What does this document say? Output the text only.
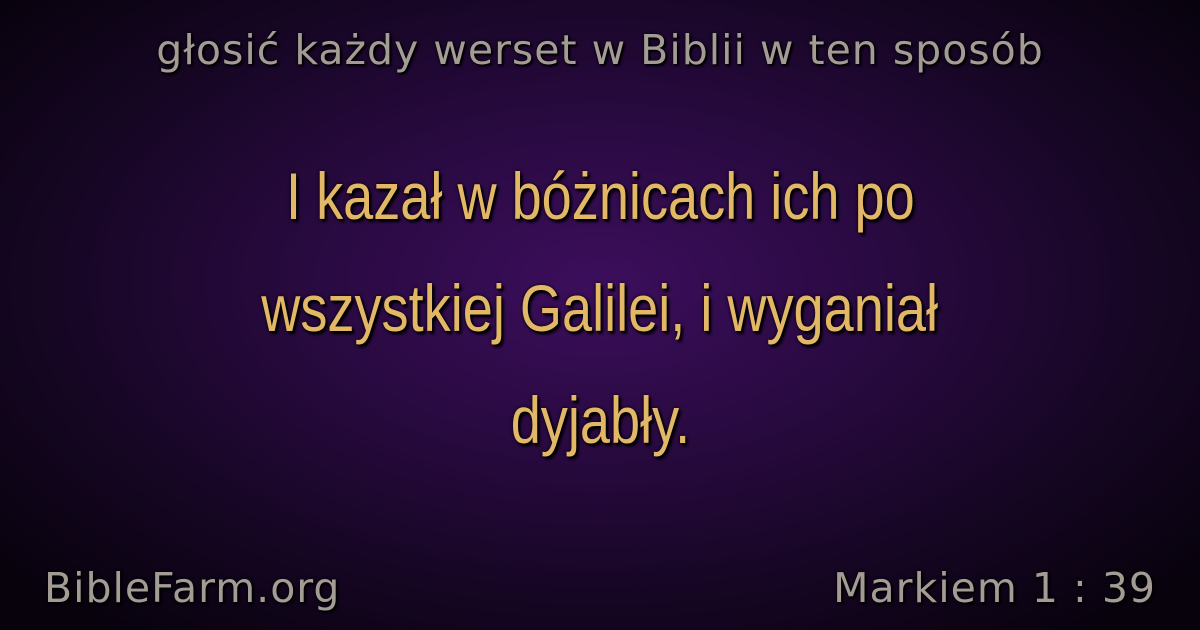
głosić każdy werset w Biblii w ten sposób
I kazał w bóżnicach ich po
wszystkiej Galilei, i wyganiał
dyjabły.
BibleFarm.org	Markiem 1 : 39
